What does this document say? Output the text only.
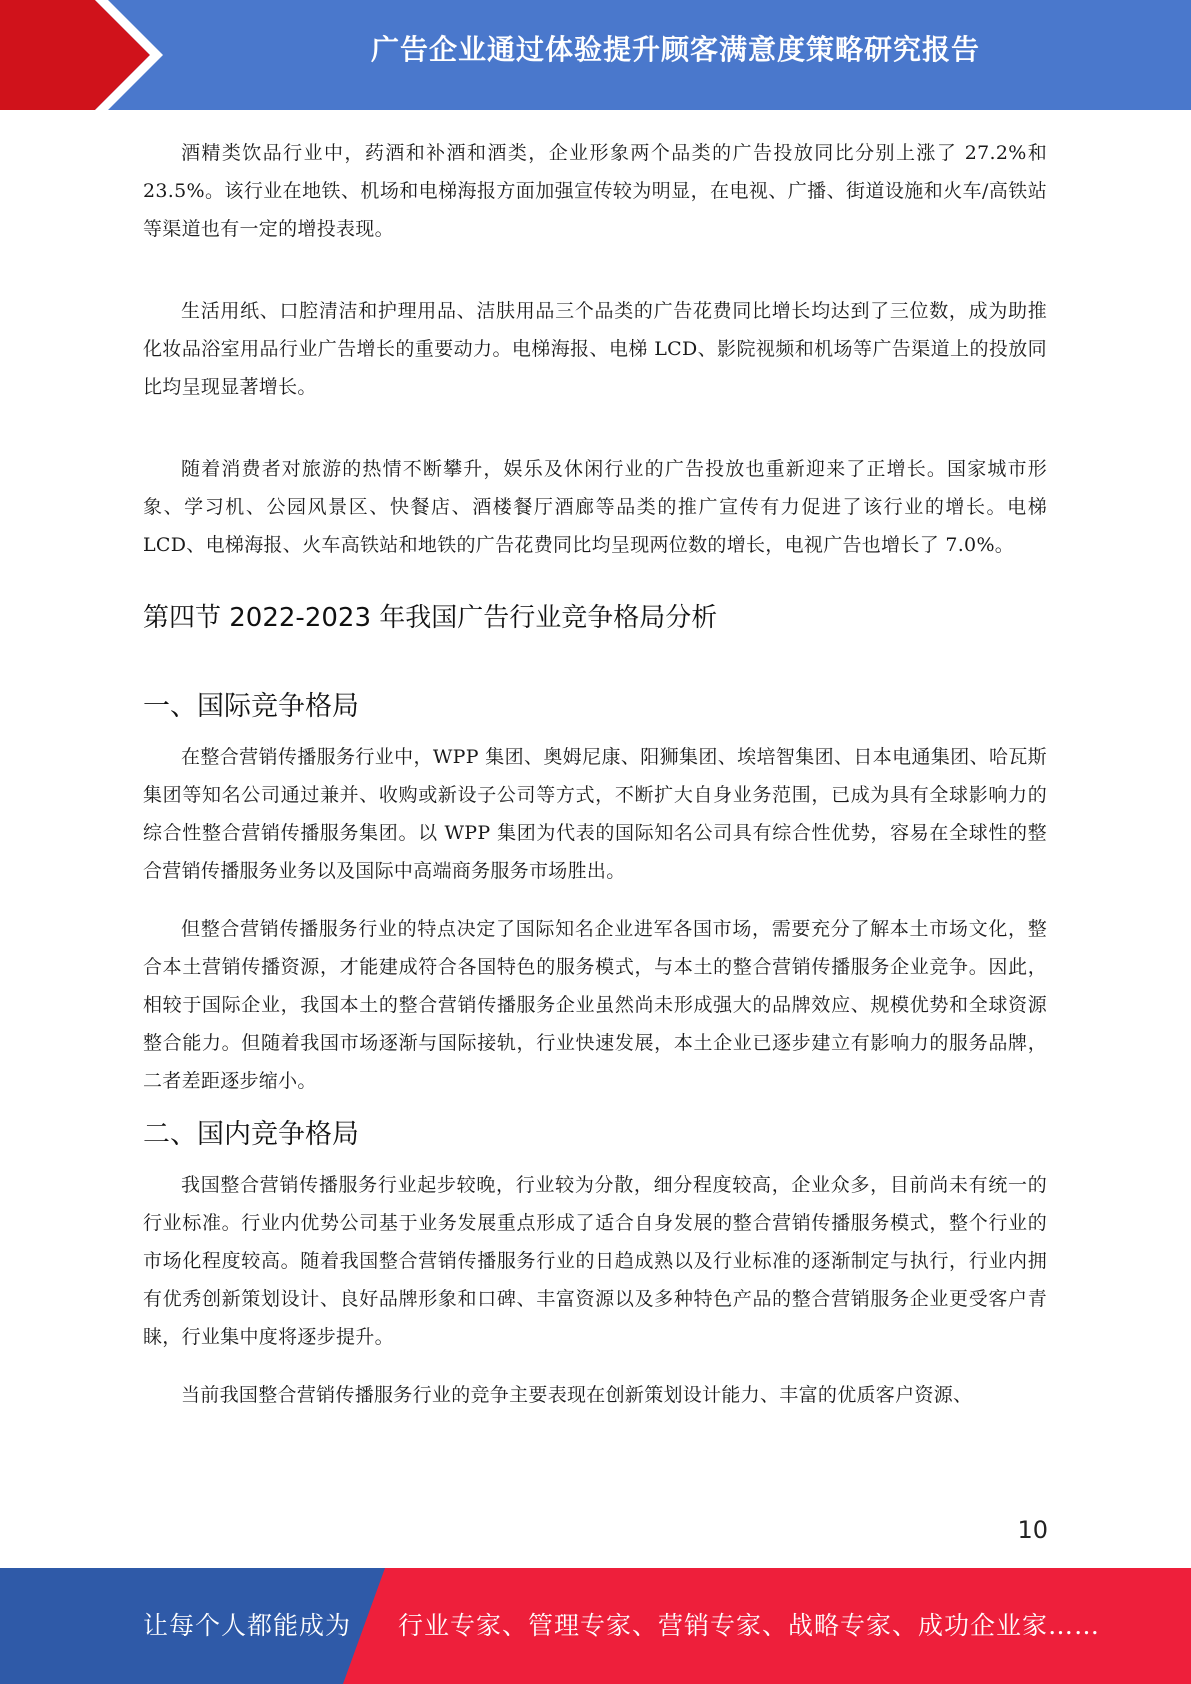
广告企业通过体验提升顾客满意度策略研究报告

酒精类饮品行业中，药酒和补酒和酒类，企业形象两个品类的广告投放同比分别上涨了 27.2%和 23.5%。该行业在地铁、机场和电梯海报方面加强宣传较为明显，在电视、广播、街道设施和火车/高铁站等渠道也有一定的增投表现。

生活用纸、口腔清洁和护理用品、洁肤用品三个品类的广告花费同比增长均达到了三位数，成为助推化妆品浴室用品行业广告增长的重要动力。电梯海报、电梯 LCD、影院视频和机场等广告渠道上的投放同比均呈现显著增长。

随着消费者对旅游的热情不断攀升，娱乐及休闲行业的广告投放也重新迎来了正增长。国家城市形象、学习机、公园风景区、快餐店、酒楼餐厅酒廊等品类的推广宣传有力促进了该行业的增长。电梯 LCD、电梯海报、火车高铁站和地铁的广告花费同比均呈现两位数的增长，电视广告也增长了 7.0%。

第四节 2022-2023 年我国广告行业竞争格局分析
一、国际竞争格局

在整合营销传播服务行业中，WPP 集团、奥姆尼康、阳狮集团、埃培智集团、日本电通集团、哈瓦斯集团等知名公司通过兼并、收购或新设子公司等方式，不断扩大自身业务范围，已成为具有全球影响力的综合性整合营销传播服务集团。以 WPP 集团为代表的国际知名公司具有综合性优势，容易在全球性的整合营销传播服务业务以及国际中高端商务服务市场胜出。

但整合营销传播服务行业的特点决定了国际知名企业进军各国市场，需要充分了解本土市场文化，整合本土营销传播资源，才能建成符合各国特色的服务模式，与本土的整合营销传播服务企业竞争。因此，相较于国际企业，我国本土的整合营销传播服务企业虽然尚未形成强大的品牌效应、规模优势和全球资源整合能力。但随着我国市场逐渐与国际接轨，行业快速发展，本土企业已逐步建立有影响力的服务品牌，二者差距逐步缩小。

二、国内竞争格局

我国整合营销传播服务行业起步较晚，行业较为分散，细分程度较高，企业众多，目前尚未有统一的行业标准。行业内优势公司基于业务发展重点形成了适合自身发展的整合营销传播服务模式，整个行业的市场化程度较高。随着我国整合营销传播服务行业的日趋成熟以及行业标准的逐渐制定与执行，行业内拥有优秀创新策划设计、良好品牌形象和口碑、丰富资源以及多种特色产品的整合营销服务企业更受客户青睐，行业集中度将逐步提升。

当前我国整合营销传播服务行业的竞争主要表现在创新策划设计能力、丰富的优质客户资源、

10
让每个人都能成为 行业专家、管理专家、营销专家、战略专家、成功企业家……
